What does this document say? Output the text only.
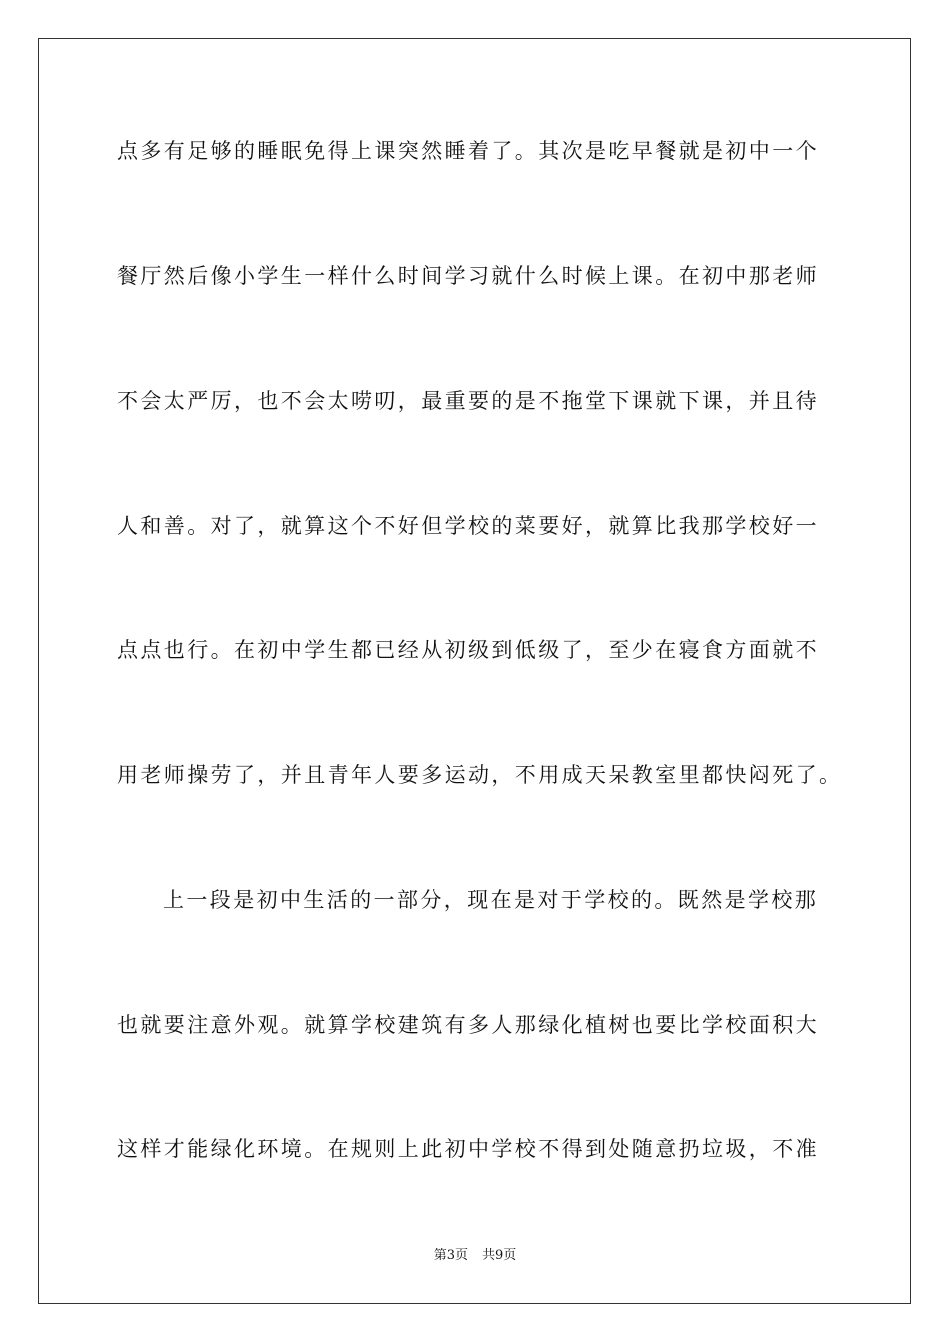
点多有足够的睡眠免得上课突然睡着了。其次是吃早餐就是初中一个
餐厅然后像小学生一样什么时间学习就什么时候上课。在初中那老师
不会太严厉，也不会太唠叨，最重要的是不拖堂下课就下课，并且待
人和善。对了，就算这个不好但学校的菜要好，就算比我那学校好一
点点也行。在初中学生都已经从初级到低级了，至少在寝食方面就不
用老师操劳了，并且青年人要多运动，不用成天呆教室里都快闷死了。
上一段是初中生活的一部分，现在是对于学校的。既然是学校那
也就要注意外观。就算学校建筑有多人那绿化植树也要比学校面积大
这样才能绿化环境。在规则上此初中学校不得到处随意扔垃圾，不准
第3页 共9页
